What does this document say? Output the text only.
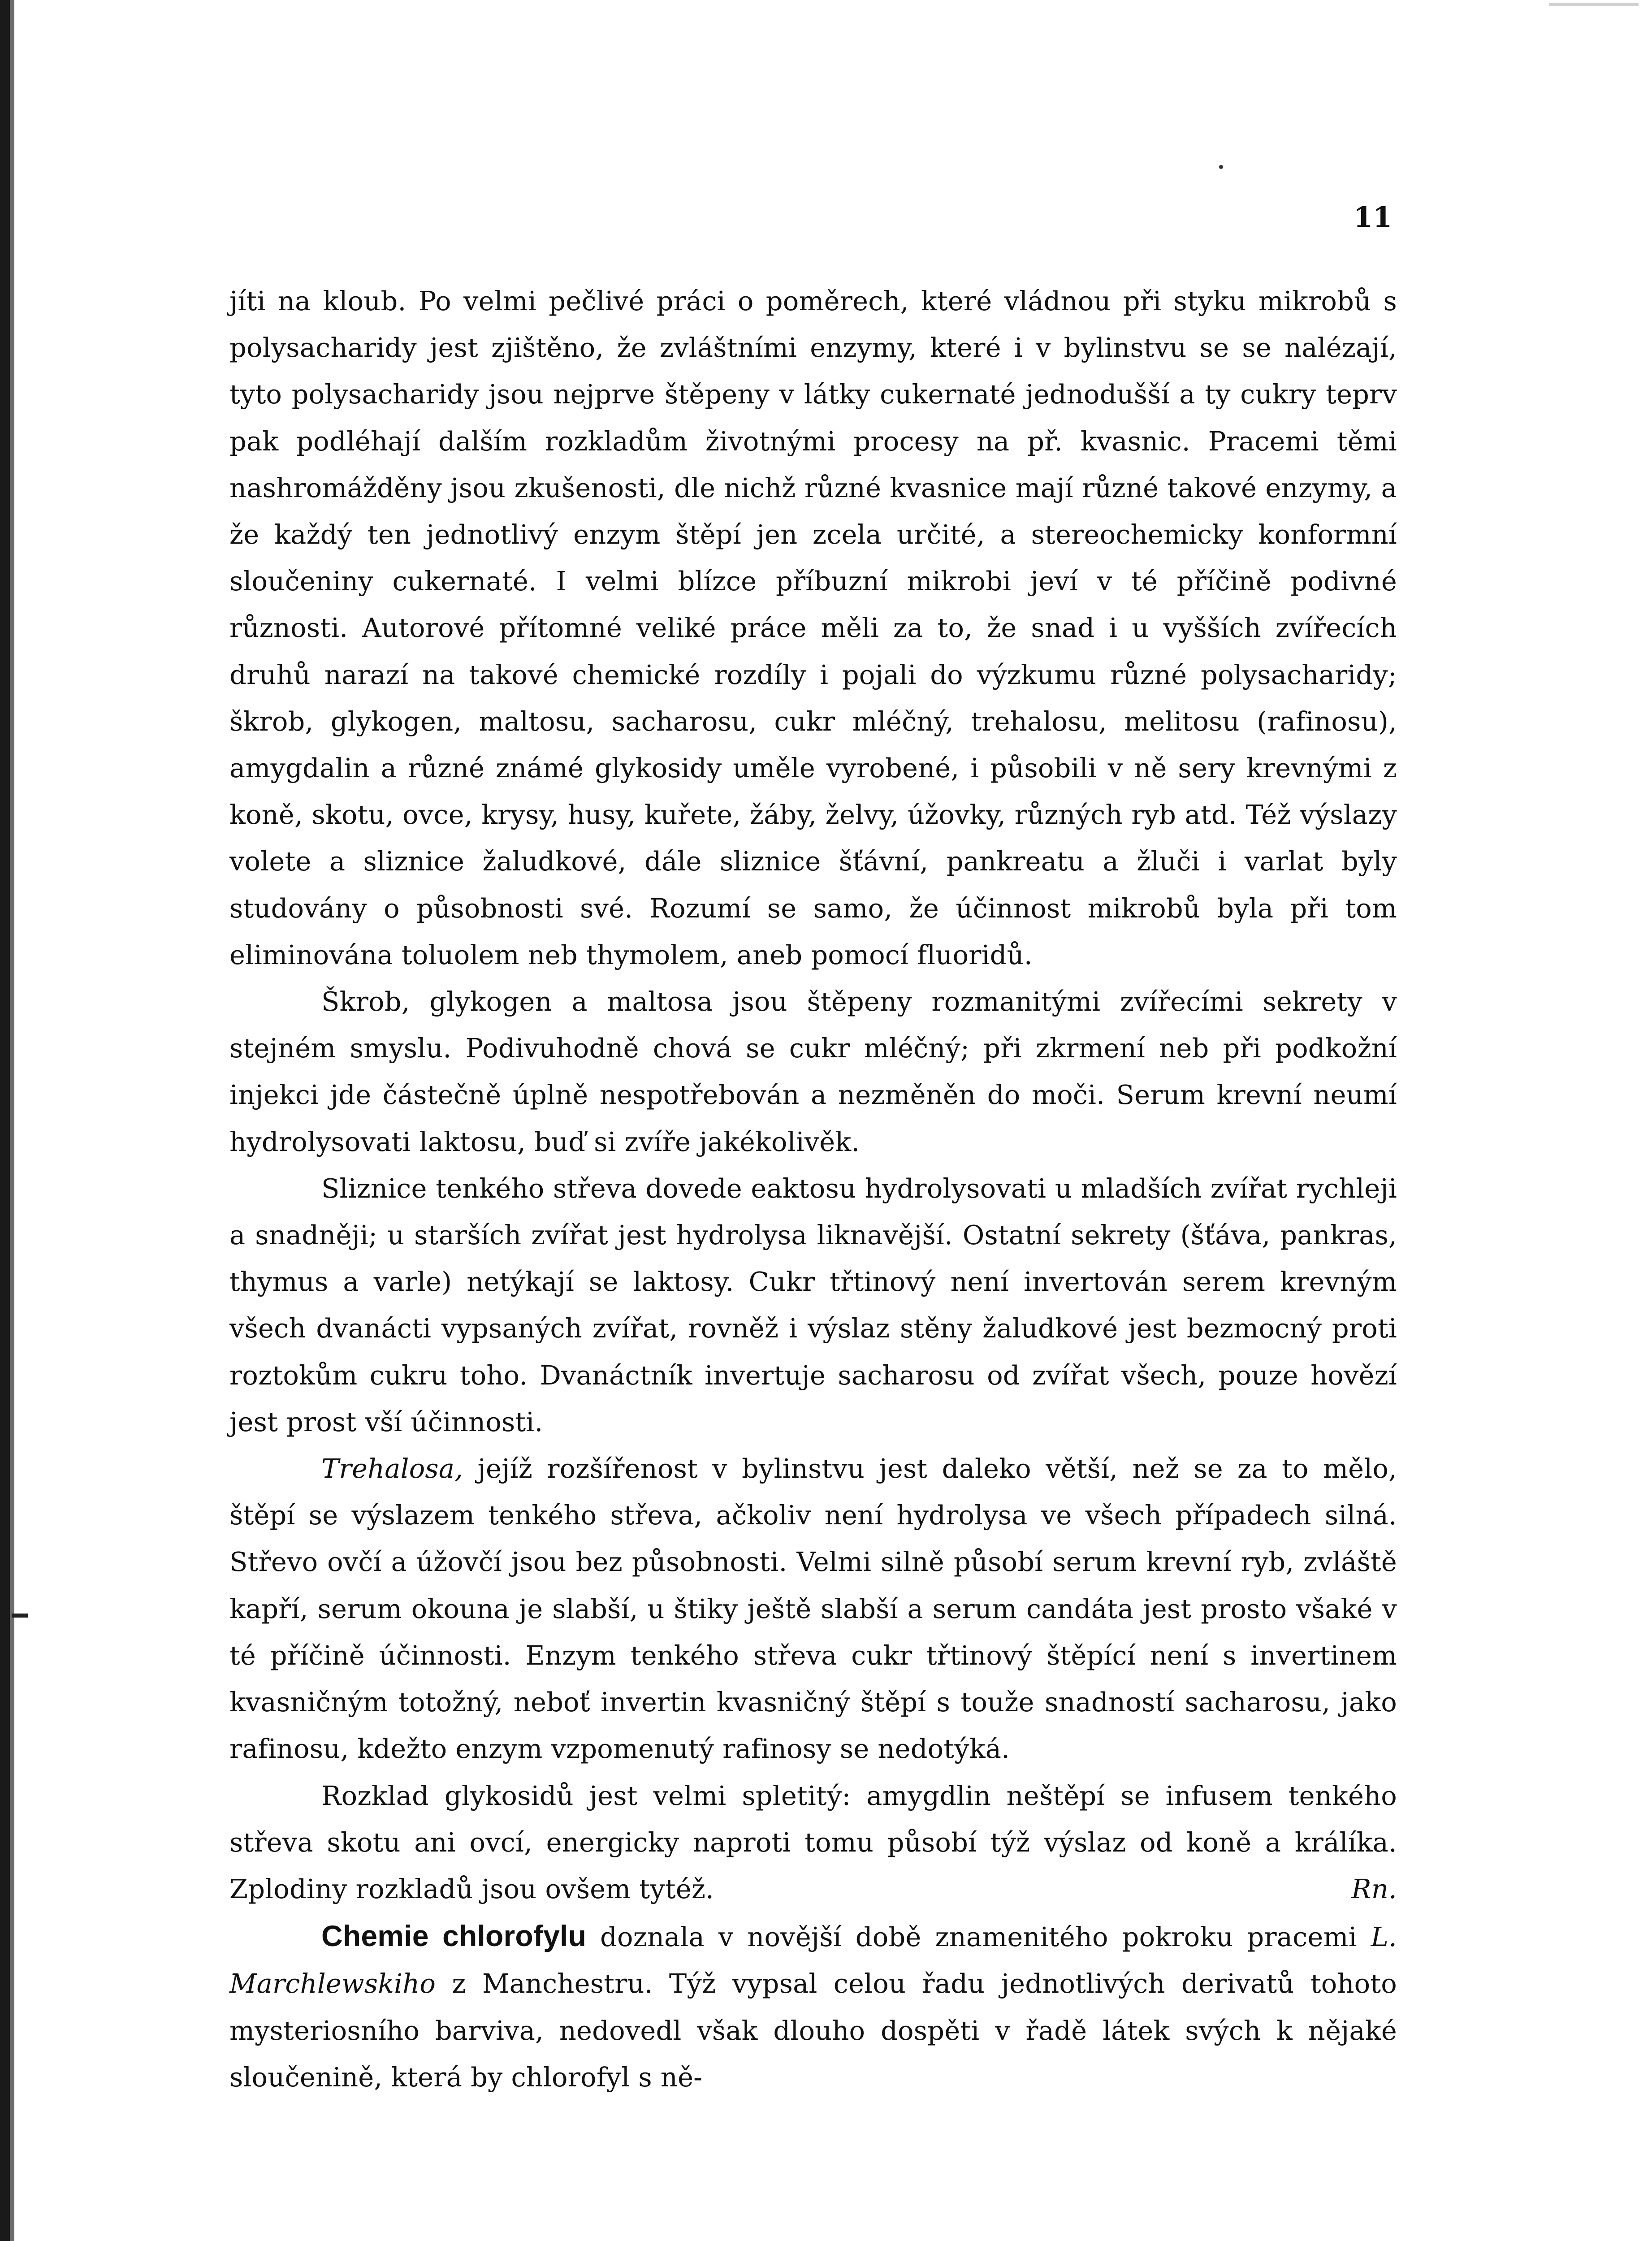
11

jíti na kloub. Po velmi pečlivé práci o poměrech, které vládnou při styku mikrobů s polysacharidy jest zjištěno, že zvláštními enzymy, které i v bylinstvu se se nalézají, tyto polysacharidy jsou nejprve štěpeny v látky cukernaté jednodušší a ty cukry teprv pak podléhají dalším rozkladům životnými procesy na př. kvasnic. Pracemi těmi nashromážděny jsou zkušenosti, dle nichž různé kvasnice mají různé takové enzymy, a že každý ten jednotlivý enzym štěpí jen zcela určité, a stereochemicky konformní sloučeniny cukernaté. I velmi blízce příbuzní mikrobi jeví v té příčině podivné různosti. Autorové přítomné veliké práce měli za to, že snad i u vyšších zvířecích druhů narazí na takové chemické rozdíly i pojali do výzkumu různé polysacharidy; škrob, glykogen, maltosu, sacharosu, cukr mléčný, trehalosu, melitosu (rafinosu), amygdalin a různé známé glykosidy uměle vyrobené, i působili v ně sery krevnými z koně, skotu, ovce, krysy, husy, kuřete, žáby, želvy, úžovky, různých ryb atd. Též výslazy volete a sliznice žaludkové, dále sliznice šťávní, pankreatu a žluči i varlat byly studovány o působnosti své. Rozumí se samo, že účinnost mikrobů byla při tom eliminována toluolem neb thymolem, aneb pomocí fluoridů.

Škrob, glykogen a maltosa jsou štěpeny rozmanitými zvířecími sekrety v stejném smyslu. Podivuhodně chová se cukr mléčný; při zkrmení neb při podkožní injekci jde částečně úplně nespotřebován a nezměněn do moči. Serum krevní neumí hydrolysovati laktosu, buď si zvíře jakékolivěk.

Sliznice tenkého střeva dovede eaktosu hydrolysovati u mladších zvířat rychleji a snadněji; u starších zvířat jest hydrolysa liknavější. Ostatní sekrety (šťáva, pankras, thymus a varle) netýkají se laktosy. Cukr třtinový není invertován serem krevným všech dvanácti vypsaných zvířat, rovněž i výslaz stěny žaludkové jest bezmocný proti roztokům cukru toho. Dvanáctník invertuje sacharosu od zvířat všech, pouze hovězí jest prost vší účinnosti.

Trehalosa, jejíž rozšířenost v bylinstvu jest daleko větší, než se za to mělo, štěpí se výslazem tenkého střeva, ačkoliv není hydrolysa ve všech případech silná. Střevo ovčí a úžovčí jsou bez působnosti. Velmi silně působí serum krevní ryb, zvláště kapří, serum okouna je slabší, u štiky ještě slabší a serum candáta jest prosto všaké v té příčině účinnosti. Enzym tenkého střeva cukr třtinový štěpící není s invertinem kvasničným totožný, neboť invertin kvasničný štěpí s touže snadností sacharosu, jako rafinosu, kdežto enzym vzpomenutý rafinosy se nedotýká.

Rozklad glykosidů jest velmi spletitý: amygdlin neštěpí se infusem tenkého střeva skotu ani ovcí, energicky naproti tomu působí týž výslaz od koně a králíka. Zplodiny rozkladů jsou ovšem tytéž.	Rn.

Chemie chlorofylu doznala v novější době znamenitého pokroku pracemi L. Marchlewskiho z Manchestru. Týž vypsal celou řadu jednotlivých derivatů tohoto mysteriosního barviva, nedovedl však dlouho dospěti v řadě látek svých k nějaké sloučenině, která by chlorofyl s ně-
